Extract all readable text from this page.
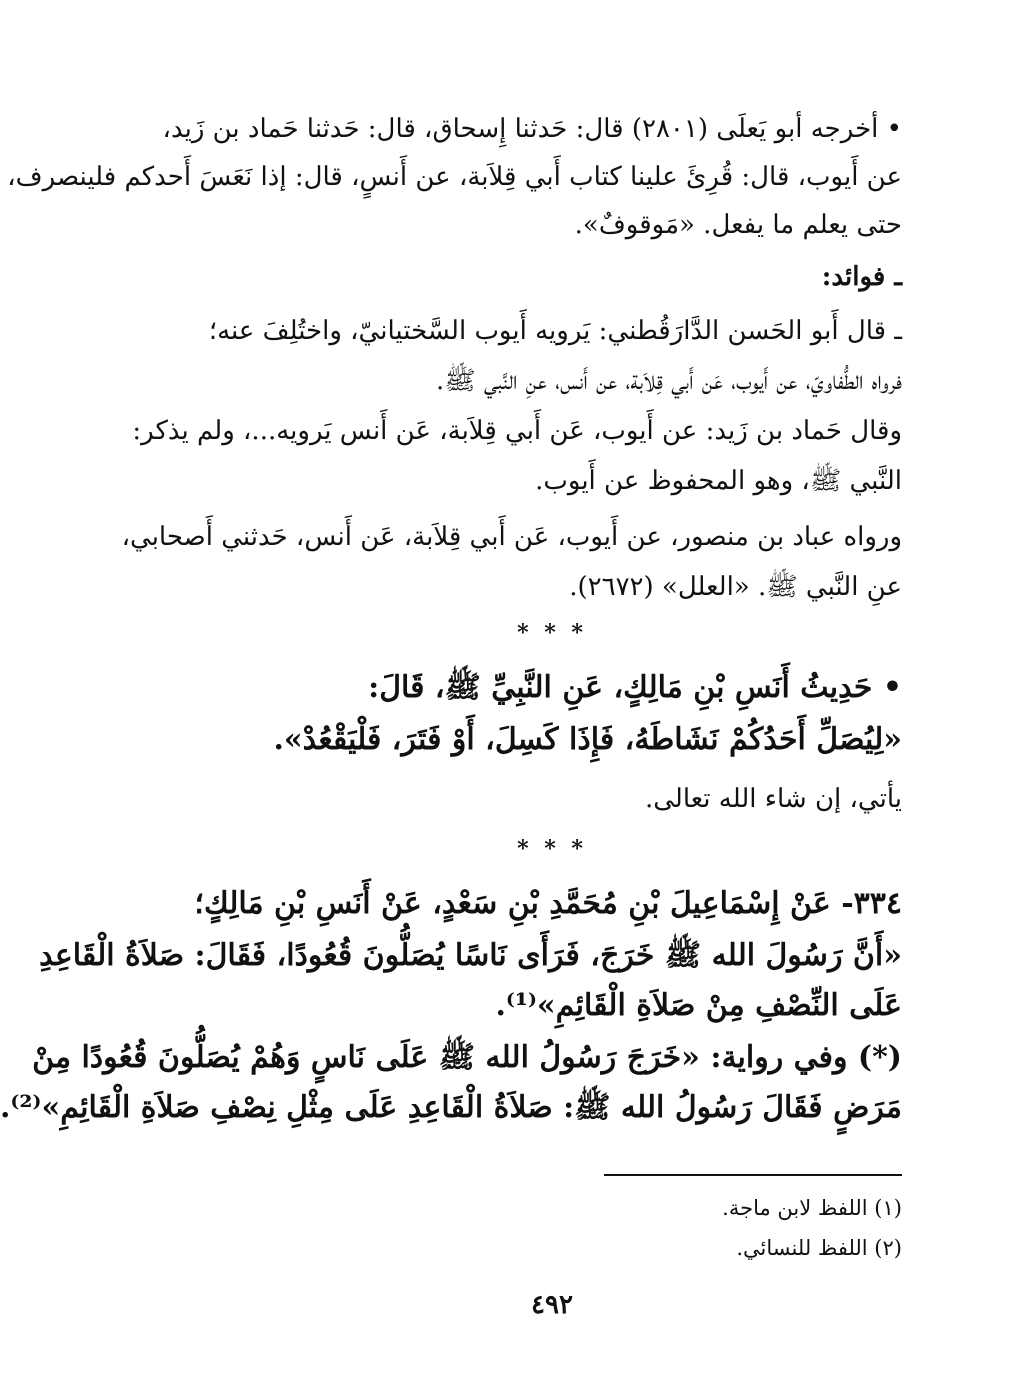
• أخرجه أبو يَعلَى (٢٨٠١) قال: حَدثنا إِسحاق، قال: حَدثنا حَماد بن زَيد،
عن أَيوب، قال: قُرِئَ علينا كتاب أَبي قِلاَبة، عن أَنسٍ، قال: إذا نَعَسَ أَحدكم فلينصرف،
حتى يعلم ما يفعل. «مَوقوفٌ».
ـ فوائد:
ـ قال أَبو الحَسن الدَّارَقُطني: يَرويه أَيوب السَّختيانيّ، واختُلِفَ عنه؛
فرواه الطُّفاويّ، عن أَيوب، عَن أَبي قِلاَبة، عن أَنس، عنِ النَّبي ﷺ.
وقال حَماد بن زَيد: عن أَيوب، عَن أَبي قِلاَبة، عَن أَنس يَرويه...، ولم يذكر:
النَّبي ﷺ، وهو المحفوظ عن أَيوب.
ورواه عباد بن منصور، عن أَيوب، عَن أَبي قِلاَبة، عَن أَنس، حَدثني أَصحابي،
عنِ النَّبي ﷺ. «العلل» (٢٦٧٢).
* * *
• حَدِيثُ أَنَسِ بْنِ مَالِكٍ، عَنِ النَّبِيِّ ﷺ، قَالَ:
«لِيُصَلِّ أَحَدُكُمْ نَشَاطَهُ، فَإِذَا كَسِلَ، أَوْ فَتَرَ، فَلْيَقْعُدْ».
يأتي، إن شاء الله تعالى.
* * *
٣٣٤- عَنْ إِسْمَاعِيلَ بْنِ مُحَمَّدِ بْنِ سَعْدٍ، عَنْ أَنَسِ بْنِ مَالِكٍ؛
«أَنَّ رَسُولَ الله ﷺ خَرَجَ، فَرَأَى نَاسًا يُصَلُّونَ قُعُودًا، فَقَالَ: صَلاَةُ الْقَاعِدِ
عَلَى النِّصْفِ مِنْ صَلاَةِ الْقَائِمِ»⁽¹⁾.
(*) وفي رواية: «خَرَجَ رَسُولُ الله ﷺ عَلَى نَاسٍ وَهُمْ يُصَلُّونَ قُعُودًا مِنْ
مَرَضٍ فَقَالَ رَسُولُ الله ﷺ: صَلاَةُ الْقَاعِدِ عَلَى مِثْلِ نِصْفِ صَلاَةِ الْقَائِمِ»⁽²⁾.
(١) اللفظ لابن ماجة.
(٢) اللفظ للنسائي.
٤٩٢
